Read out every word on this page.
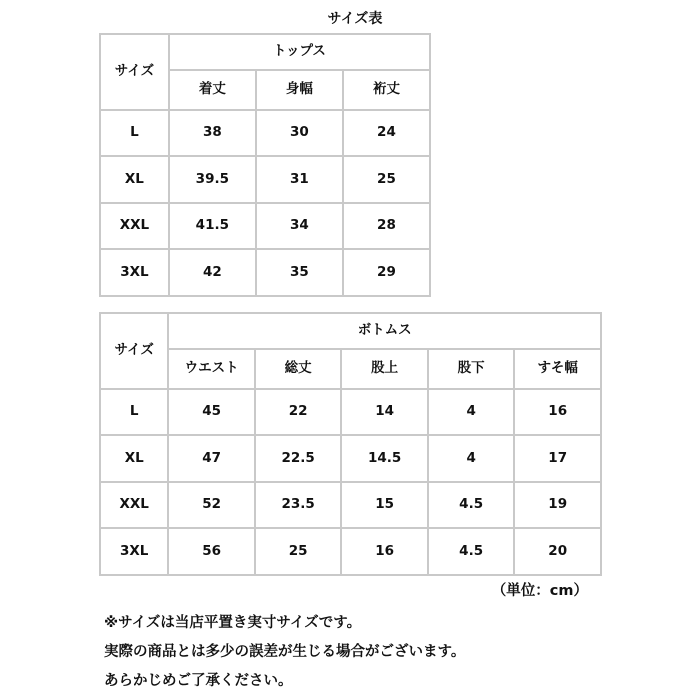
サイズ表
サイズ	トップス		
	着丈	身幅	裄丈
L	38	30	24
XL	39.5	31	25
XXL	41.5	34	28
3XL	42	35	29
サイズ	ボトムス				
	ウエスト	総丈	股上	股下	すそ幅
L	45	22	14	4	16
XL	47	22.5	14.5	4	17
XXL	52	23.5	15	4.5	19
3XL	56	25	16	4.5	20
（単位：cm）
※サイズは当店平置き実寸サイズです。
実際の商品とは多少の誤差が生じる場合がございます。
あらかじめご了承ください。
